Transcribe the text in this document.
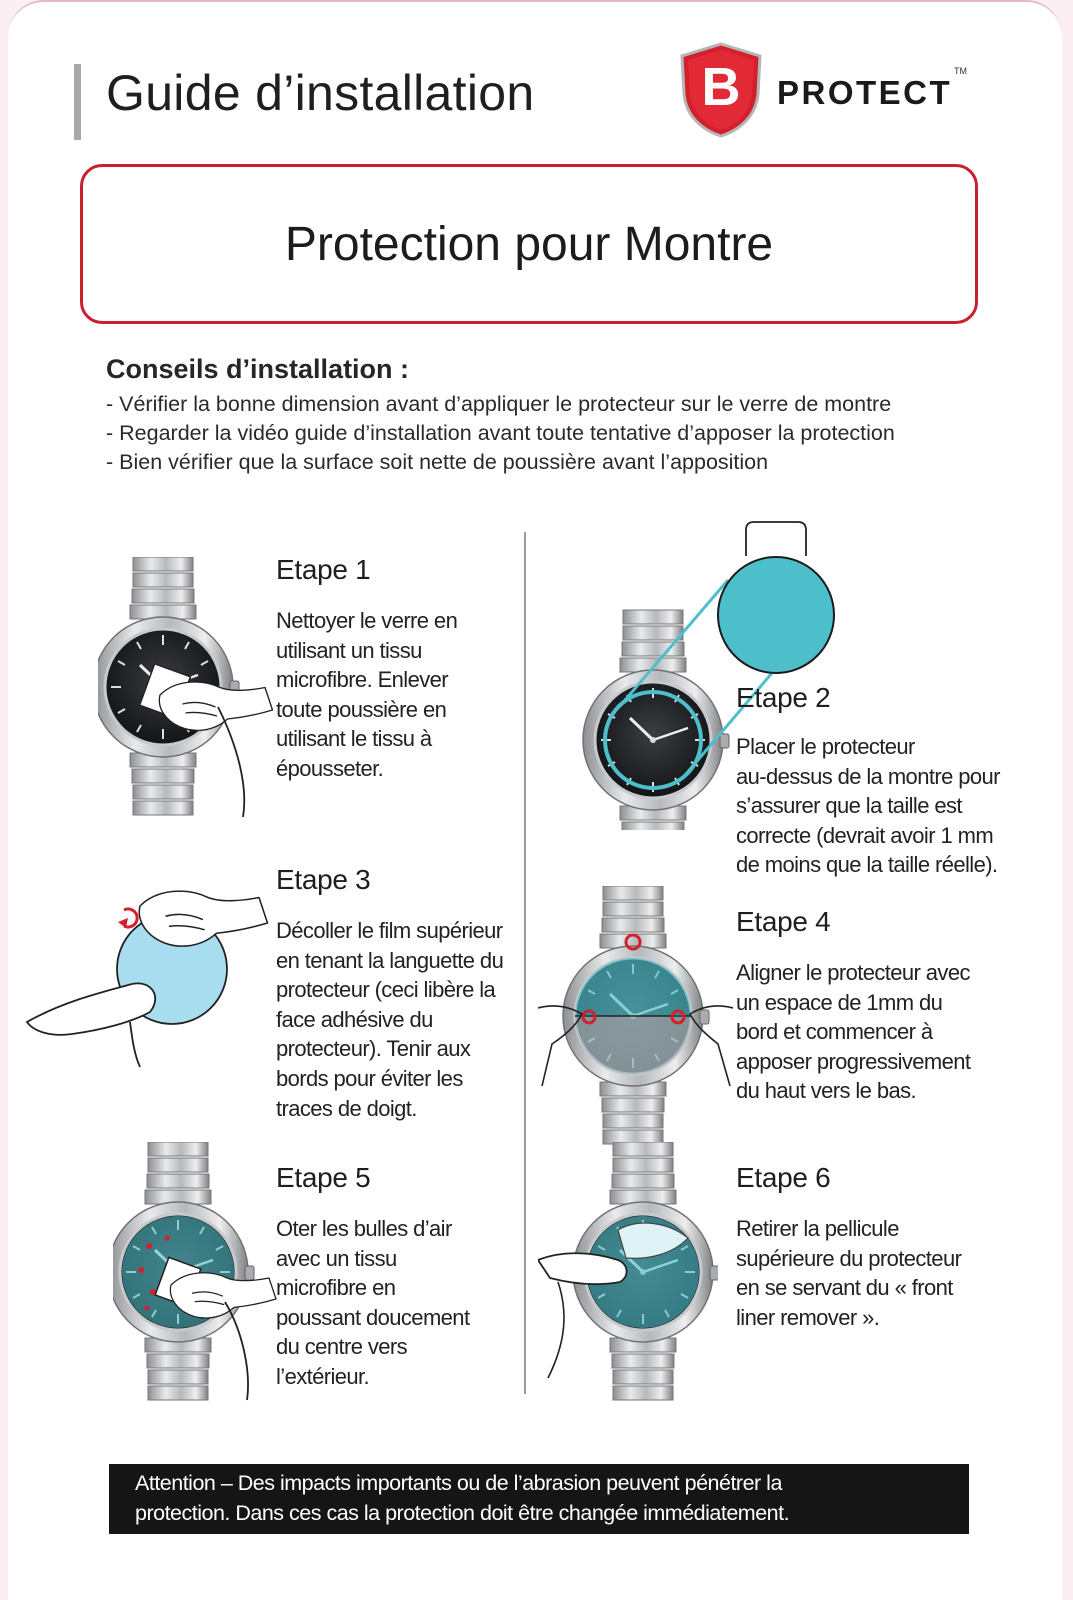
Guide d’installation	B	PROTECT
TM
Protection pour Montre
Conseils d’installation :
- Vérifier la bonne dimension avant d’appliquer le protecteur sur le verre de montre
- Regarder la vidéo guide d’installation avant toute tentative d’apposer la protection
- Bien vérifier que la surface soit nette de poussière avant l’apposition
Etape 1
Nettoyer le verre en
utilisant un tissu
microfibre. Enlever
toute poussière en
utilisant le tissu à
épousseter.
Etape 2
Placer le protecteur
au-dessus de la montre pour
s’assurer que la taille est
correcte (devrait avoir 1 mm
de moins que la taille réelle).
Etape 3
Décoller le film supérieur
en tenant la languette du
protecteur (ceci libère la
face adhésive du
protecteur). Tenir aux
bords pour éviter les
traces de doigt.
Etape 4
Aligner le protecteur avec
un espace de 1mm du
bord et commencer à
apposer progressivement
du haut vers le bas.
Etape 5
Oter les bulles d’air
avec un tissu
microfibre en
poussant doucement
du centre vers
l’extérieur.
Etape 6
Retirer la pellicule
supérieure du protecteur
en se servant du « front
liner remover ».
Attention – Des impacts importants ou de l’abrasion peuvent pénétrer la
protection. Dans ces cas la protection doit être changée immédiatement.
